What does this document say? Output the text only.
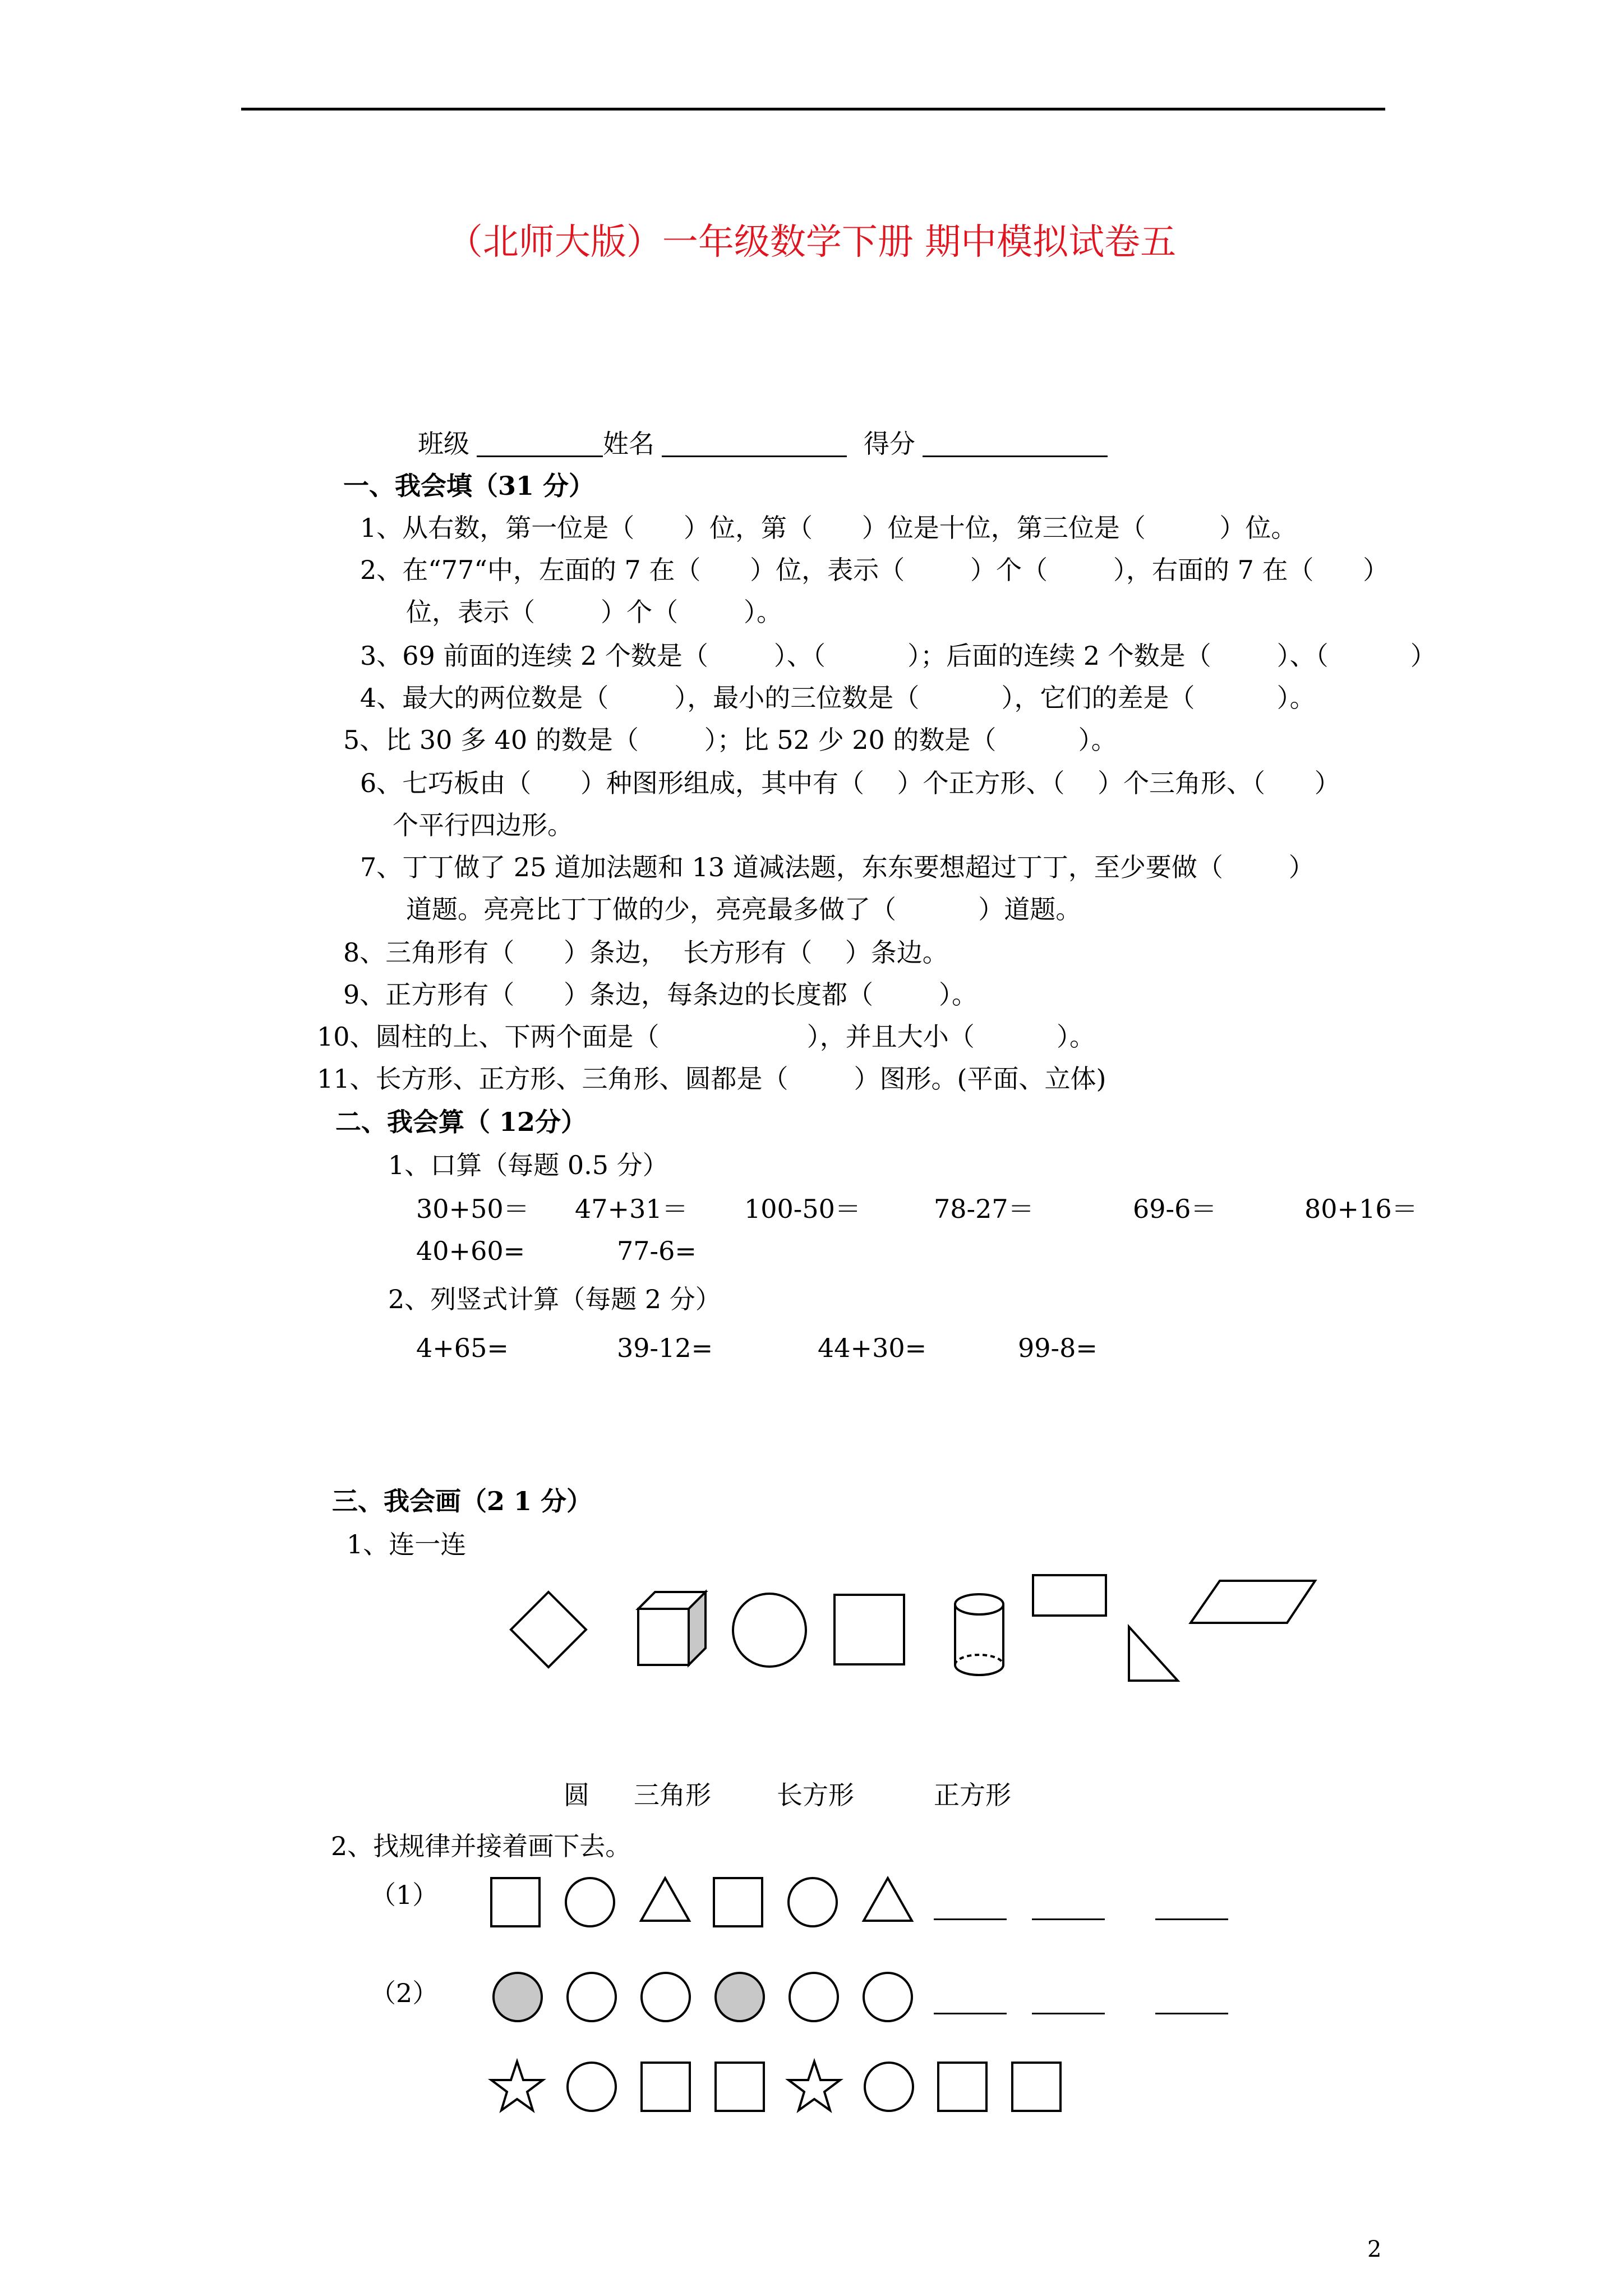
（北师大版）一年级数学下册 期中模拟试卷五
班级	姓名	得分
一、我会填（31 分）
1、从右数，第一位是（      ）位，第（      ）位是十位，第三位是（         ）位。
2、在“77“中，左面的 7 在（      ）位，表示（        ）个（        ），右面的 7 在（      ）
位，表示（        ）个（        ）。
3、69 前面的连续 2 个数是（        ）、（          ）；后面的连续 2 个数是（        ）、（          ）
4、最大的两位数是（        ），最小的三位数是（          ），它们的差是（          ）。
5、比 30 多 40 的数是（        ）；比 52 少 20 的数是（          ）。
6、七巧板由（      ）种图形组成，其中有（    ）个正方形、（    ）个三角形、（      ）
个平行四边形。
7、丁丁做了 25 道加法题和 13 道减法题，东东要想超过丁丁，至少要做（        ）
道题。亮亮比丁丁做的少，亮亮最多做了（          ）道题。
8、三角形有（      ）条边，  长方形有（    ）条边。
9、正方形有（      ）条边，每条边的长度都（        ）。
10、圆柱的上、下两个面是（                  ），并且大小（          ）。
11、长方形、正方形、三角形、圆都是（        ）图形。(平面、立体)
二、我会算（ 12分）
1、口算（每题 0.5 分）
30+50＝ 47+31＝ 100-50＝	78-27＝	69-6＝	80+16＝
40+60=	77-6=
2、列竖式计算（每题 2 分）
4+65=	39-12=	44+30=	99-8=
三、我会画（2 1 分）
1、连一连
圆 三角形	长方形	正方形
2、找规律并接着画下去。
（1）
（2）
2
